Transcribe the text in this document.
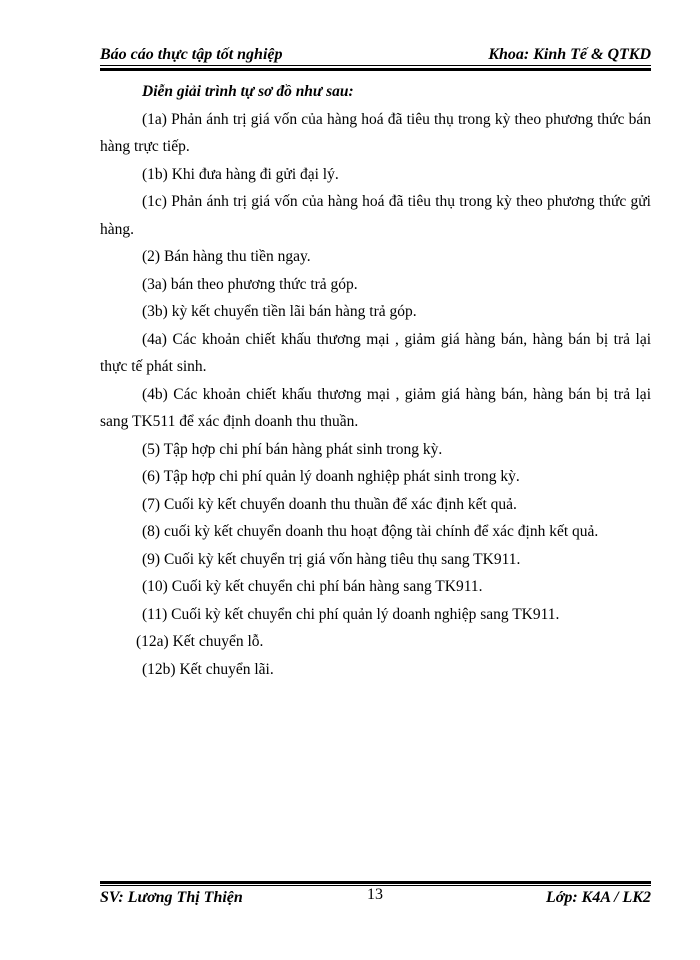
Báo cáo thực tập tốt nghiệp	Khoa: Kinh Tế & QTKD

Diễn giải trình tự sơ đồ như sau:

(1a) Phản ánh trị giá vốn của hàng hoá đã tiêu thụ trong kỳ theo phương thức bán hàng trực tiếp.

(1b) Khi đưa hàng đi gửi đại lý.

(1c) Phản ánh trị giá vốn của hàng hoá đã tiêu thụ trong kỳ theo phương thức gửi hàng.

(2) Bán hàng thu tiền ngay.

(3a) bán theo phương thức trả góp.

(3b) kỳ kết chuyển tiền lãi bán hàng trả góp.

(4a) Các khoản chiết khấu thương mại , giảm giá hàng bán, hàng bán bị trả lại thực tế phát sinh.

(4b) Các khoản chiết khấu thương mại , giảm giá hàng bán, hàng bán bị trả lại sang TK511 để xác định doanh thu thuần.

(5) Tập hợp chi phí bán hàng phát sinh trong kỳ.

(6) Tập hợp chi phí quản lý doanh nghiệp phát sinh trong kỳ.

(7) Cuối kỳ kết chuyển doanh thu thuần để xác định kết quả.

(8) cuối kỳ kết chuyển doanh thu hoạt động tài chính để xác định kết quả.

(9) Cuối kỳ kết chuyển trị giá vốn hàng tiêu thụ sang TK911.

(10) Cuối kỳ kết chuyển chi phí bán hàng sang TK911.

(11) Cuối kỳ kết chuyển chi phí quản lý doanh nghiệp sang TK911.

(12a) Kết chuyển lỗ.

(12b) Kết chuyển lãi.

SV: Lương Thị Thiện	13	Lớp: K4A / LK2
